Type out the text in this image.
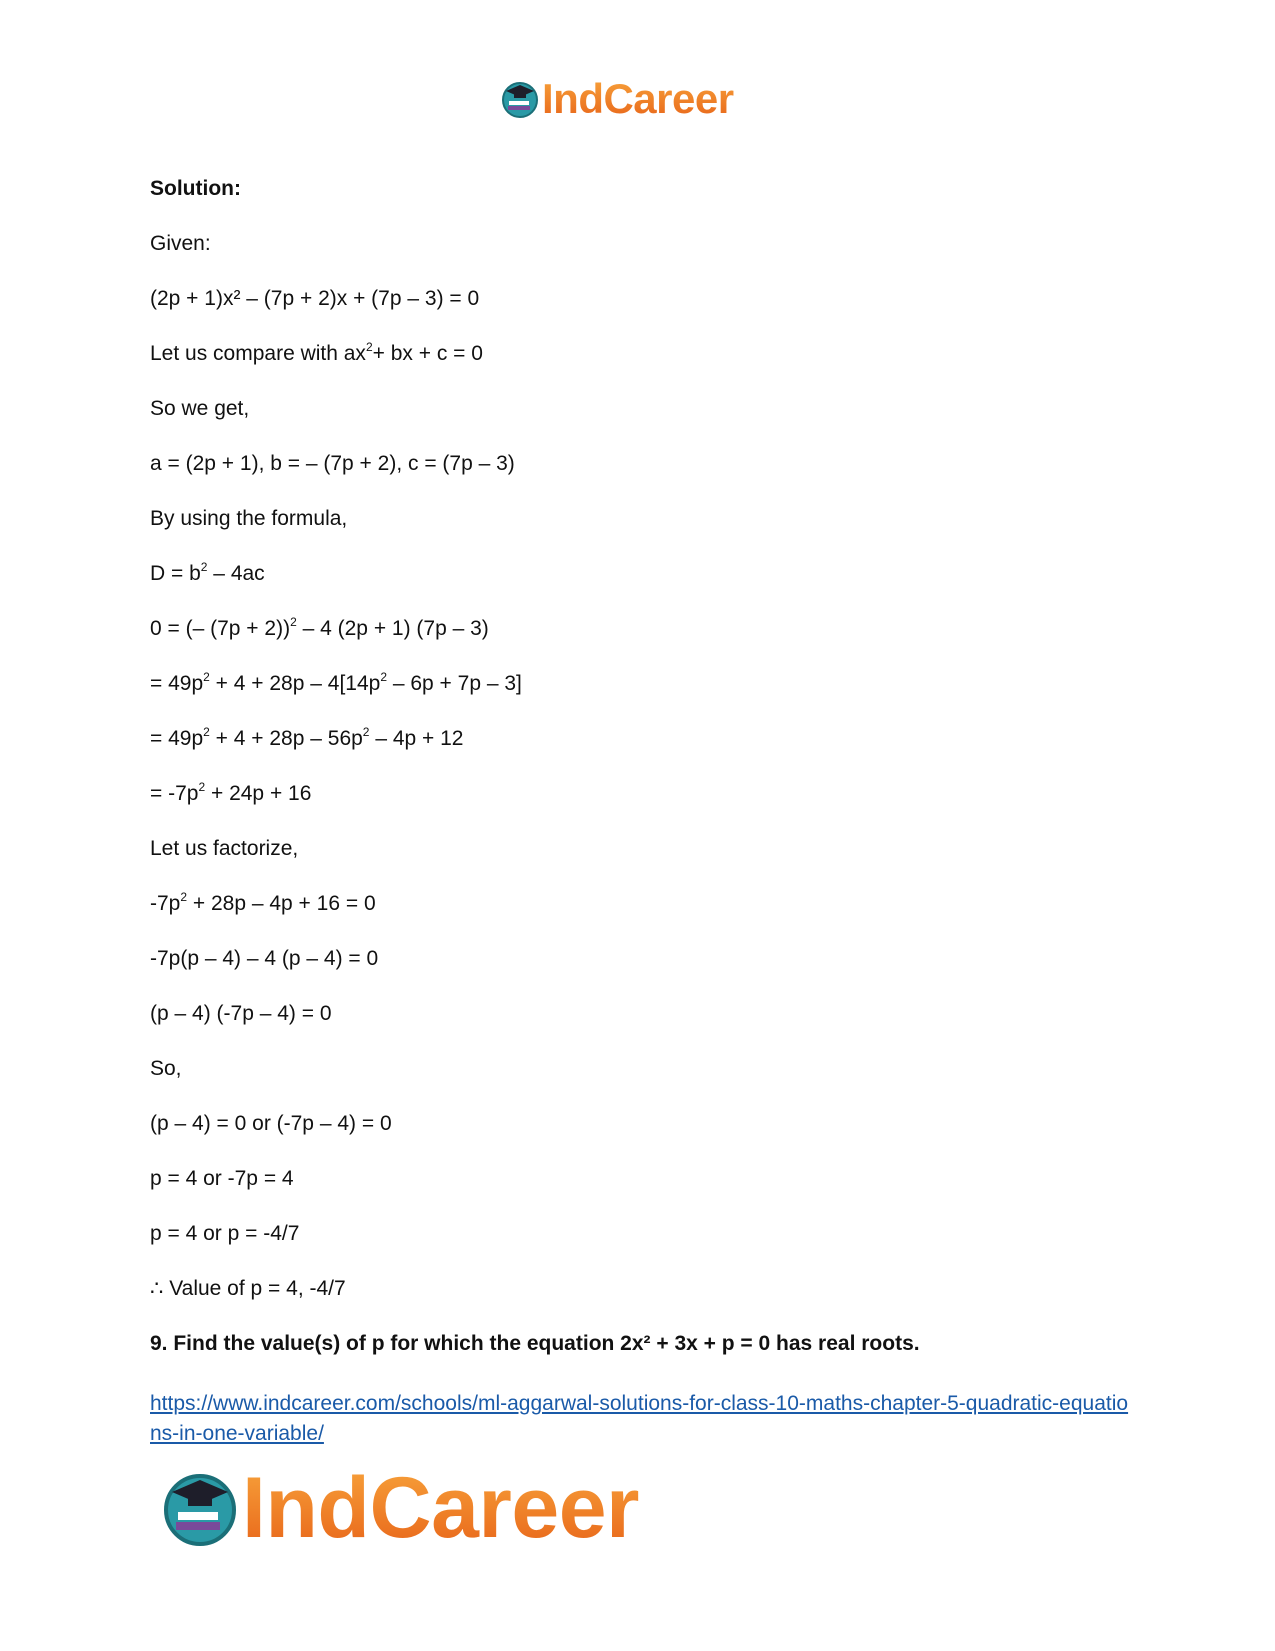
IndCareer
Solution:
Given:
(2p + 1)x² – (7p + 2)x + (7p – 3) = 0
Let us compare with $ax^2+$ bx + c = 0
So we get,
a = (2p + 1), b = – (7p + 2), c = (7p – 3)
By using the formula,
$D = b^2 - 4ac$
0 = (– (7p + 2))$^2$ – 4 (2p + 1) (7p – 3)
= $49p^2 + 4 + 28p - 4[14p^2 - 6p + 7p - 3]$
= $49p^2 + 4 + 28p - 56p^2 - 4p + 12$
= $-7p^2 + 24p + 16$
Let us factorize,
$-7p^2 + 28p - 4p + 16 = 0$
-7p(p – 4) – 4 (p – 4) = 0
(p – 4) (-7p – 4) = 0
So,
(p – 4) = 0 or (-7p – 4) = 0
p = 4 or -7p = 4
p = 4 or p = -4/7
∴ Value of p = 4, -4/7
9. Find the value(s) of p for which the equation 2x² + 3x + p = 0 has real roots.
https://www.indcareer.com/schools/ml-aggarwal-solutions-for-class-10-maths-chapter-5-quadratic-equations-in-one-variable/
IndCareer
